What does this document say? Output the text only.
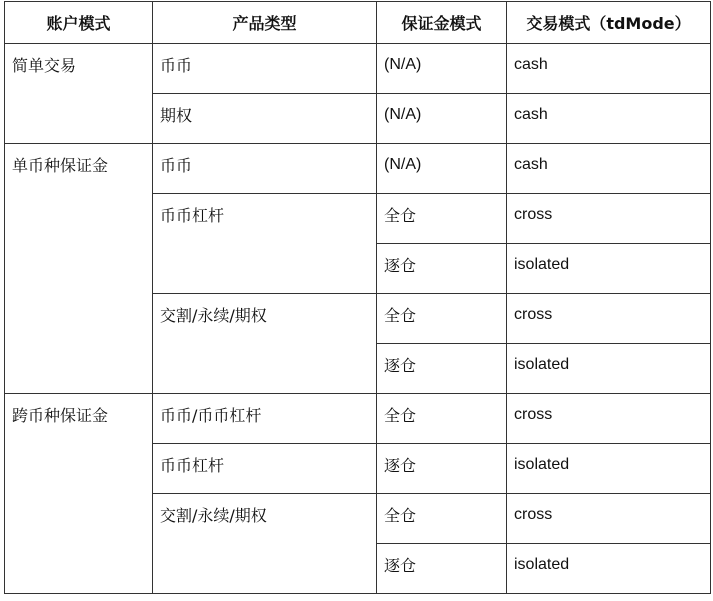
账户模式	产品类型	保证金模式	交易模式（tdMode）

简单交易	币币	(N/A)	cash

	期权	(N/A)	cash

单币种保证金	币币	(N/A)	cash

	币币杠杆	全仓	cross

		逐仓	isolated

	交割/永续/期权	全仓	cross

		逐仓	isolated

跨币种保证金	币币/币币杠杆	全仓	cross

	币币杠杆	逐仓	isolated

	交割/永续/期权	全仓	cross

		逐仓	isolated
